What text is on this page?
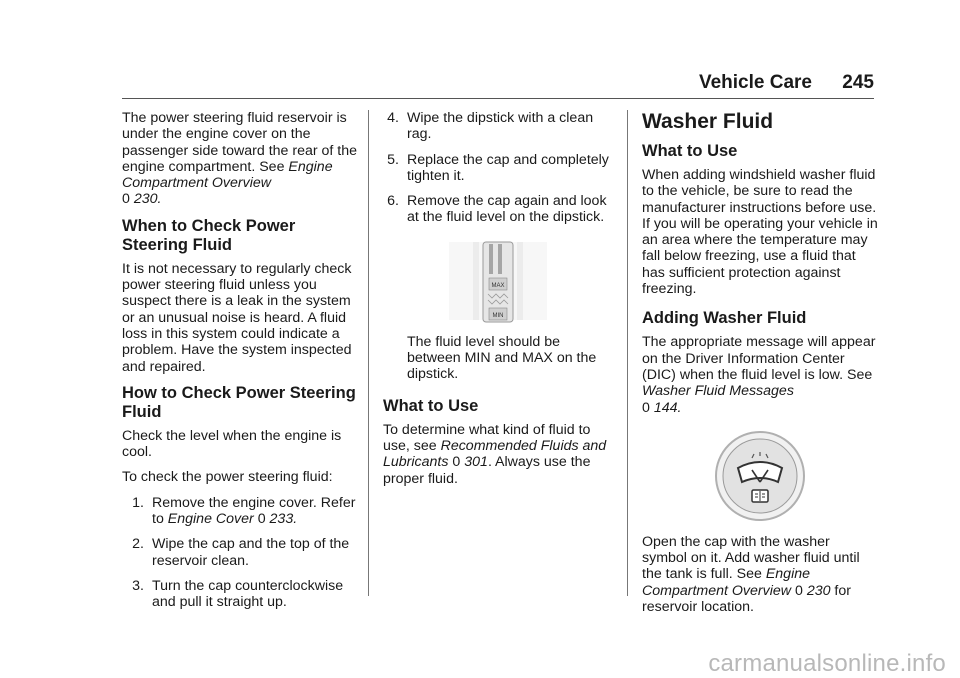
Vehicle Care 245

The power steering fluid reservoir is under the engine cover on the passenger side toward the rear of the engine compartment. See Engine Compartment Overview
0 230.

When to Check Power Steering Fluid

It is not necessary to regularly check power steering fluid unless you suspect there is a leak in the system or an unusual noise is heard. A fluid loss in this system could indicate a problem. Have the system inspected and repaired.

How to Check Power Steering Fluid

Check the level when the engine is cool.

To check the power steering fluid:

1. Remove the engine cover. Refer to Engine Cover 0 233.
2. Wipe the cap and the top of the reservoir clean.
3. Turn the cap counterclockwise and pull it straight up.
4. Wipe the dipstick with a clean rag.
5. Replace the cap and completely tighten it.
6. Remove the cap again and look at the fluid level on the dipstick.
MAX
MIN

The fluid level should be between MIN and MAX on the dipstick.

What to Use

To determine what kind of fluid to use, see Recommended Fluids and Lubricants 0 301. Always use the proper fluid.

Washer Fluid
What to Use

When adding windshield washer fluid to the vehicle, be sure to read the manufacturer instructions before use. If you will be operating your vehicle in an area where the temperature may fall below freezing, use a fluid that has sufficient protection against freezing.

Adding Washer Fluid

The appropriate message will appear on the Driver Information Center (DIC) when the fluid level is low. See Washer Fluid Messages
0 144.

Open the cap with the washer symbol on it. Add washer fluid until the tank is full. See Engine Compartment Overview 0 230 for reservoir location.

carmanualsonline.info
